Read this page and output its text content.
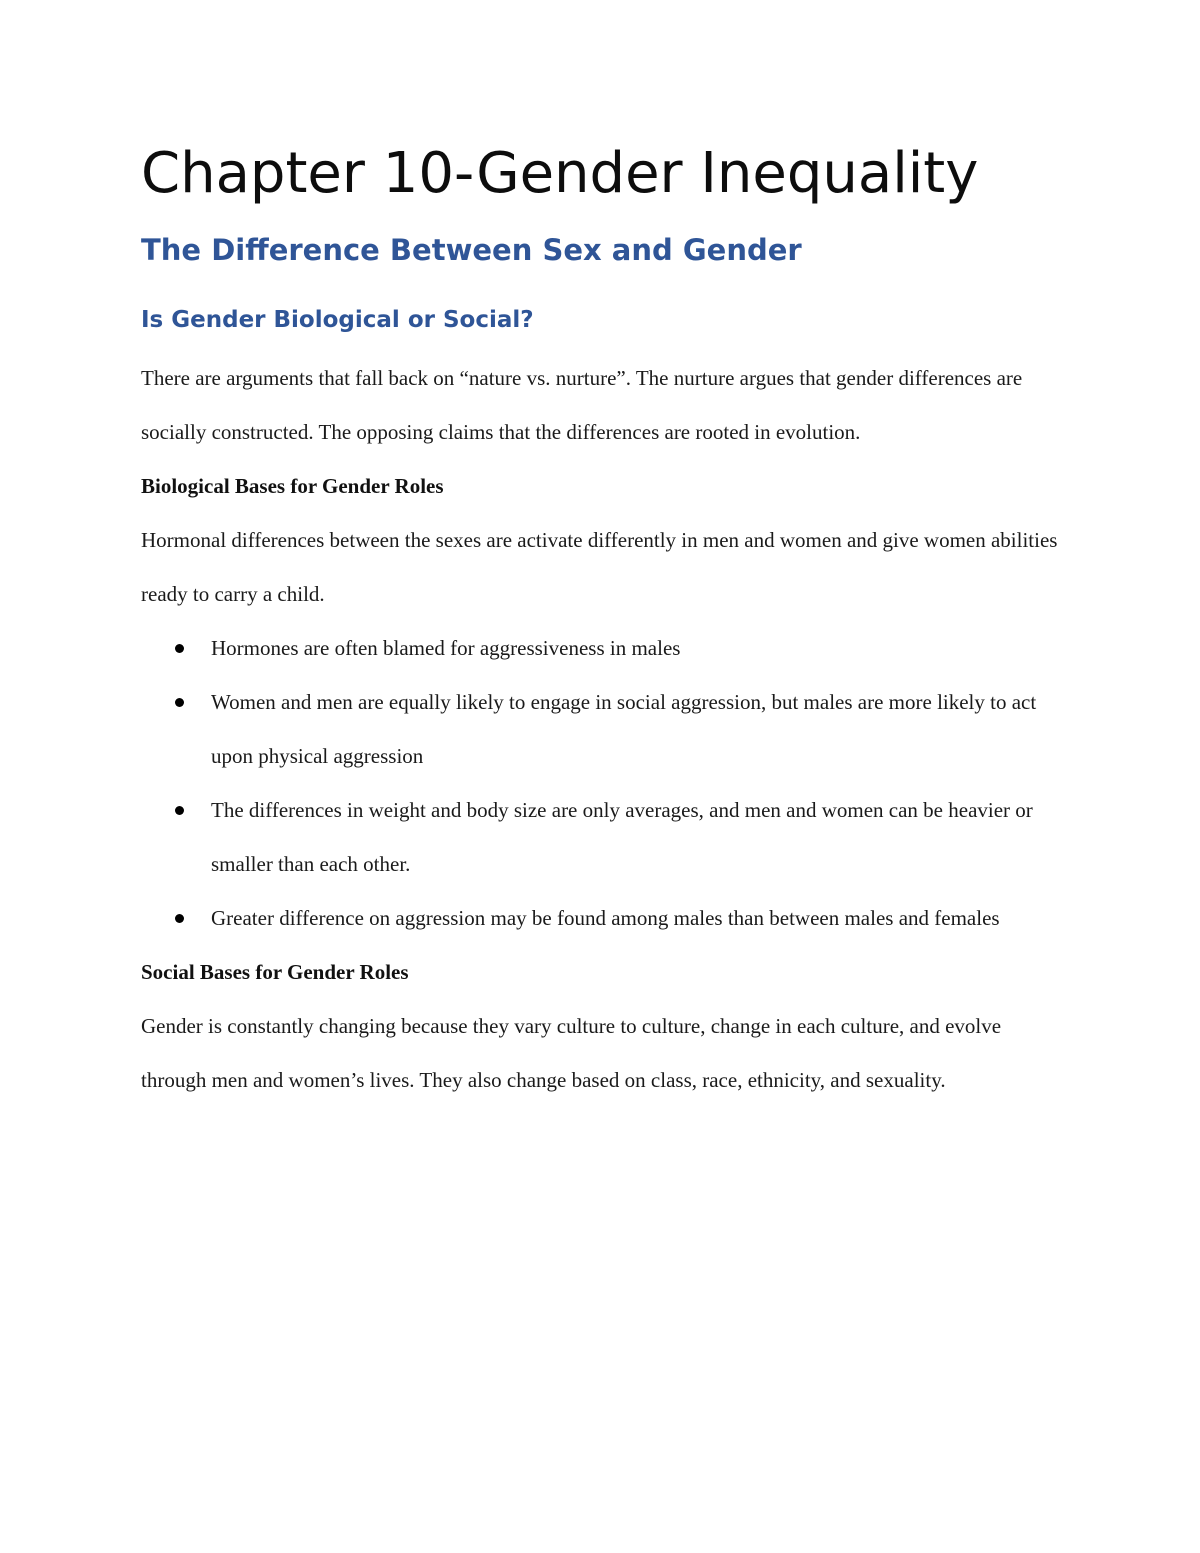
Chapter 10-Gender Inequality
The Difference Between Sex and Gender
Is Gender Biological or Social?

There are arguments that fall back on “nature vs. nurture”. The nurture argues that gender differences are socially constructed. The opposing claims that the differences are rooted in evolution.

Biological Bases for Gender Roles

Hormonal differences between the sexes are activate differently in men and women and give women abilities ready to carry a child.

Hormones are often blamed for aggressiveness in males
Women and men are equally likely to engage in social aggression, but males are more likely to act upon physical aggression
The differences in weight and body size are only averages, and men and women can be heavier or smaller than each other.
Greater difference on aggression may be found among males than between males and females

Social Bases for Gender Roles

Gender is constantly changing because they vary culture to culture, change in each culture, and evolve through men and women’s lives. They also change based on class, race, ethnicity, and sexuality.
